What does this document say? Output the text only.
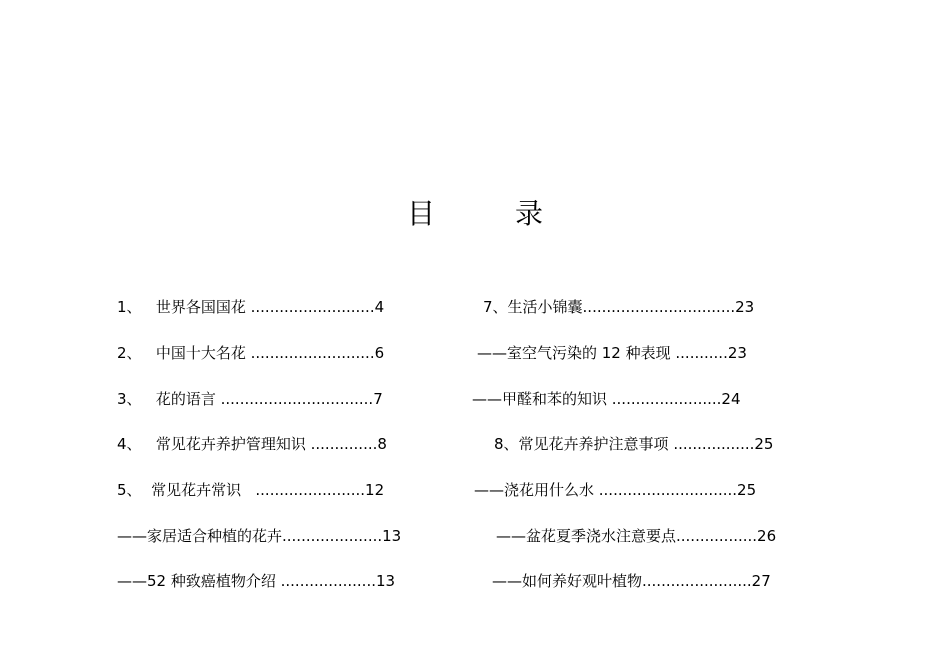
目	录
1、   世界各国国花 ..........................4
2、   中国十大名花 ..........................6
3、   花的语言 ................................7
4、   常见花卉养护管理知识 ..............8
5、  常见花卉常识   .......................12
——家居适合种植的花卉.....................13
——52 种致癌植物介绍 ....................13
7、生活小锦囊................................23
——室空气污染的 12 种表现 ...........23
——甲醛和苯的知识 .......................24
8、常见花卉养护注意事项 .................25
——浇花用什么水 .............................25
——盆花夏季浇水注意要点.................26
——如何养好观叶植物.......................27
